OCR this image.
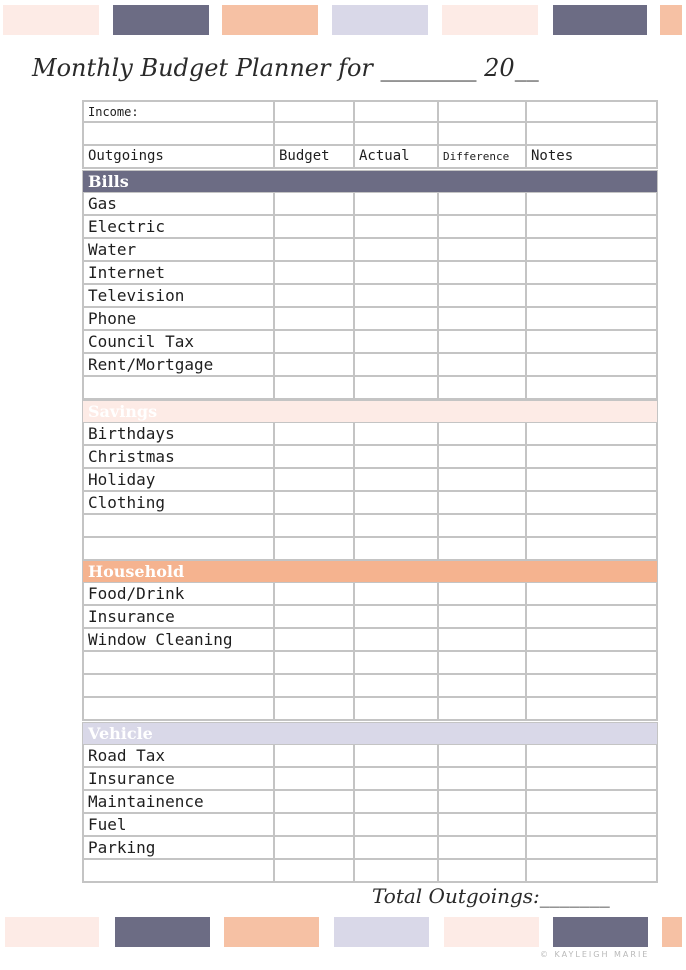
Monthly Budget Planner for ________ 20__
Income:
Outgoings	Budget	Actual	Difference	Notes
Bills
Gas
Electric
Water
Internet
Television
Phone
Council Tax
Rent/Mortgage
Savings
Birthdays
Christmas
Holiday
Clothing
Household
Food/Drink
Insurance
Window Cleaning
Vehicle
Road Tax
Insurance
Maintainence
Fuel
Parking
Total Outgoings:_______
© KAYLEIGH MARIE
